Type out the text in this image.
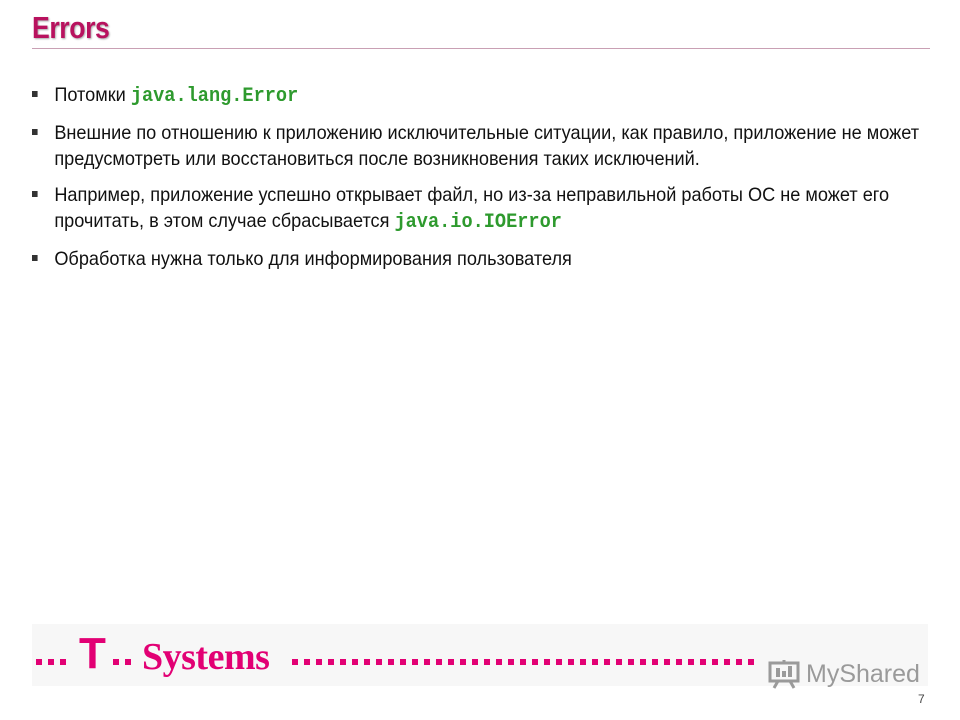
Errors
Потомки java.lang.Error
Внешние по отношению к приложению исключительные ситуации, как правило, приложение не может предусмотреть или восстановиться после возникновения таких исключений.
Например, приложение успешно открывает файл, но из-за неправильной работы ОС не может его прочитать, в этом случае сбрасывается java.io.IOError
Обработка нужна только для информирования пользователя
T Systems	MyShared
7
